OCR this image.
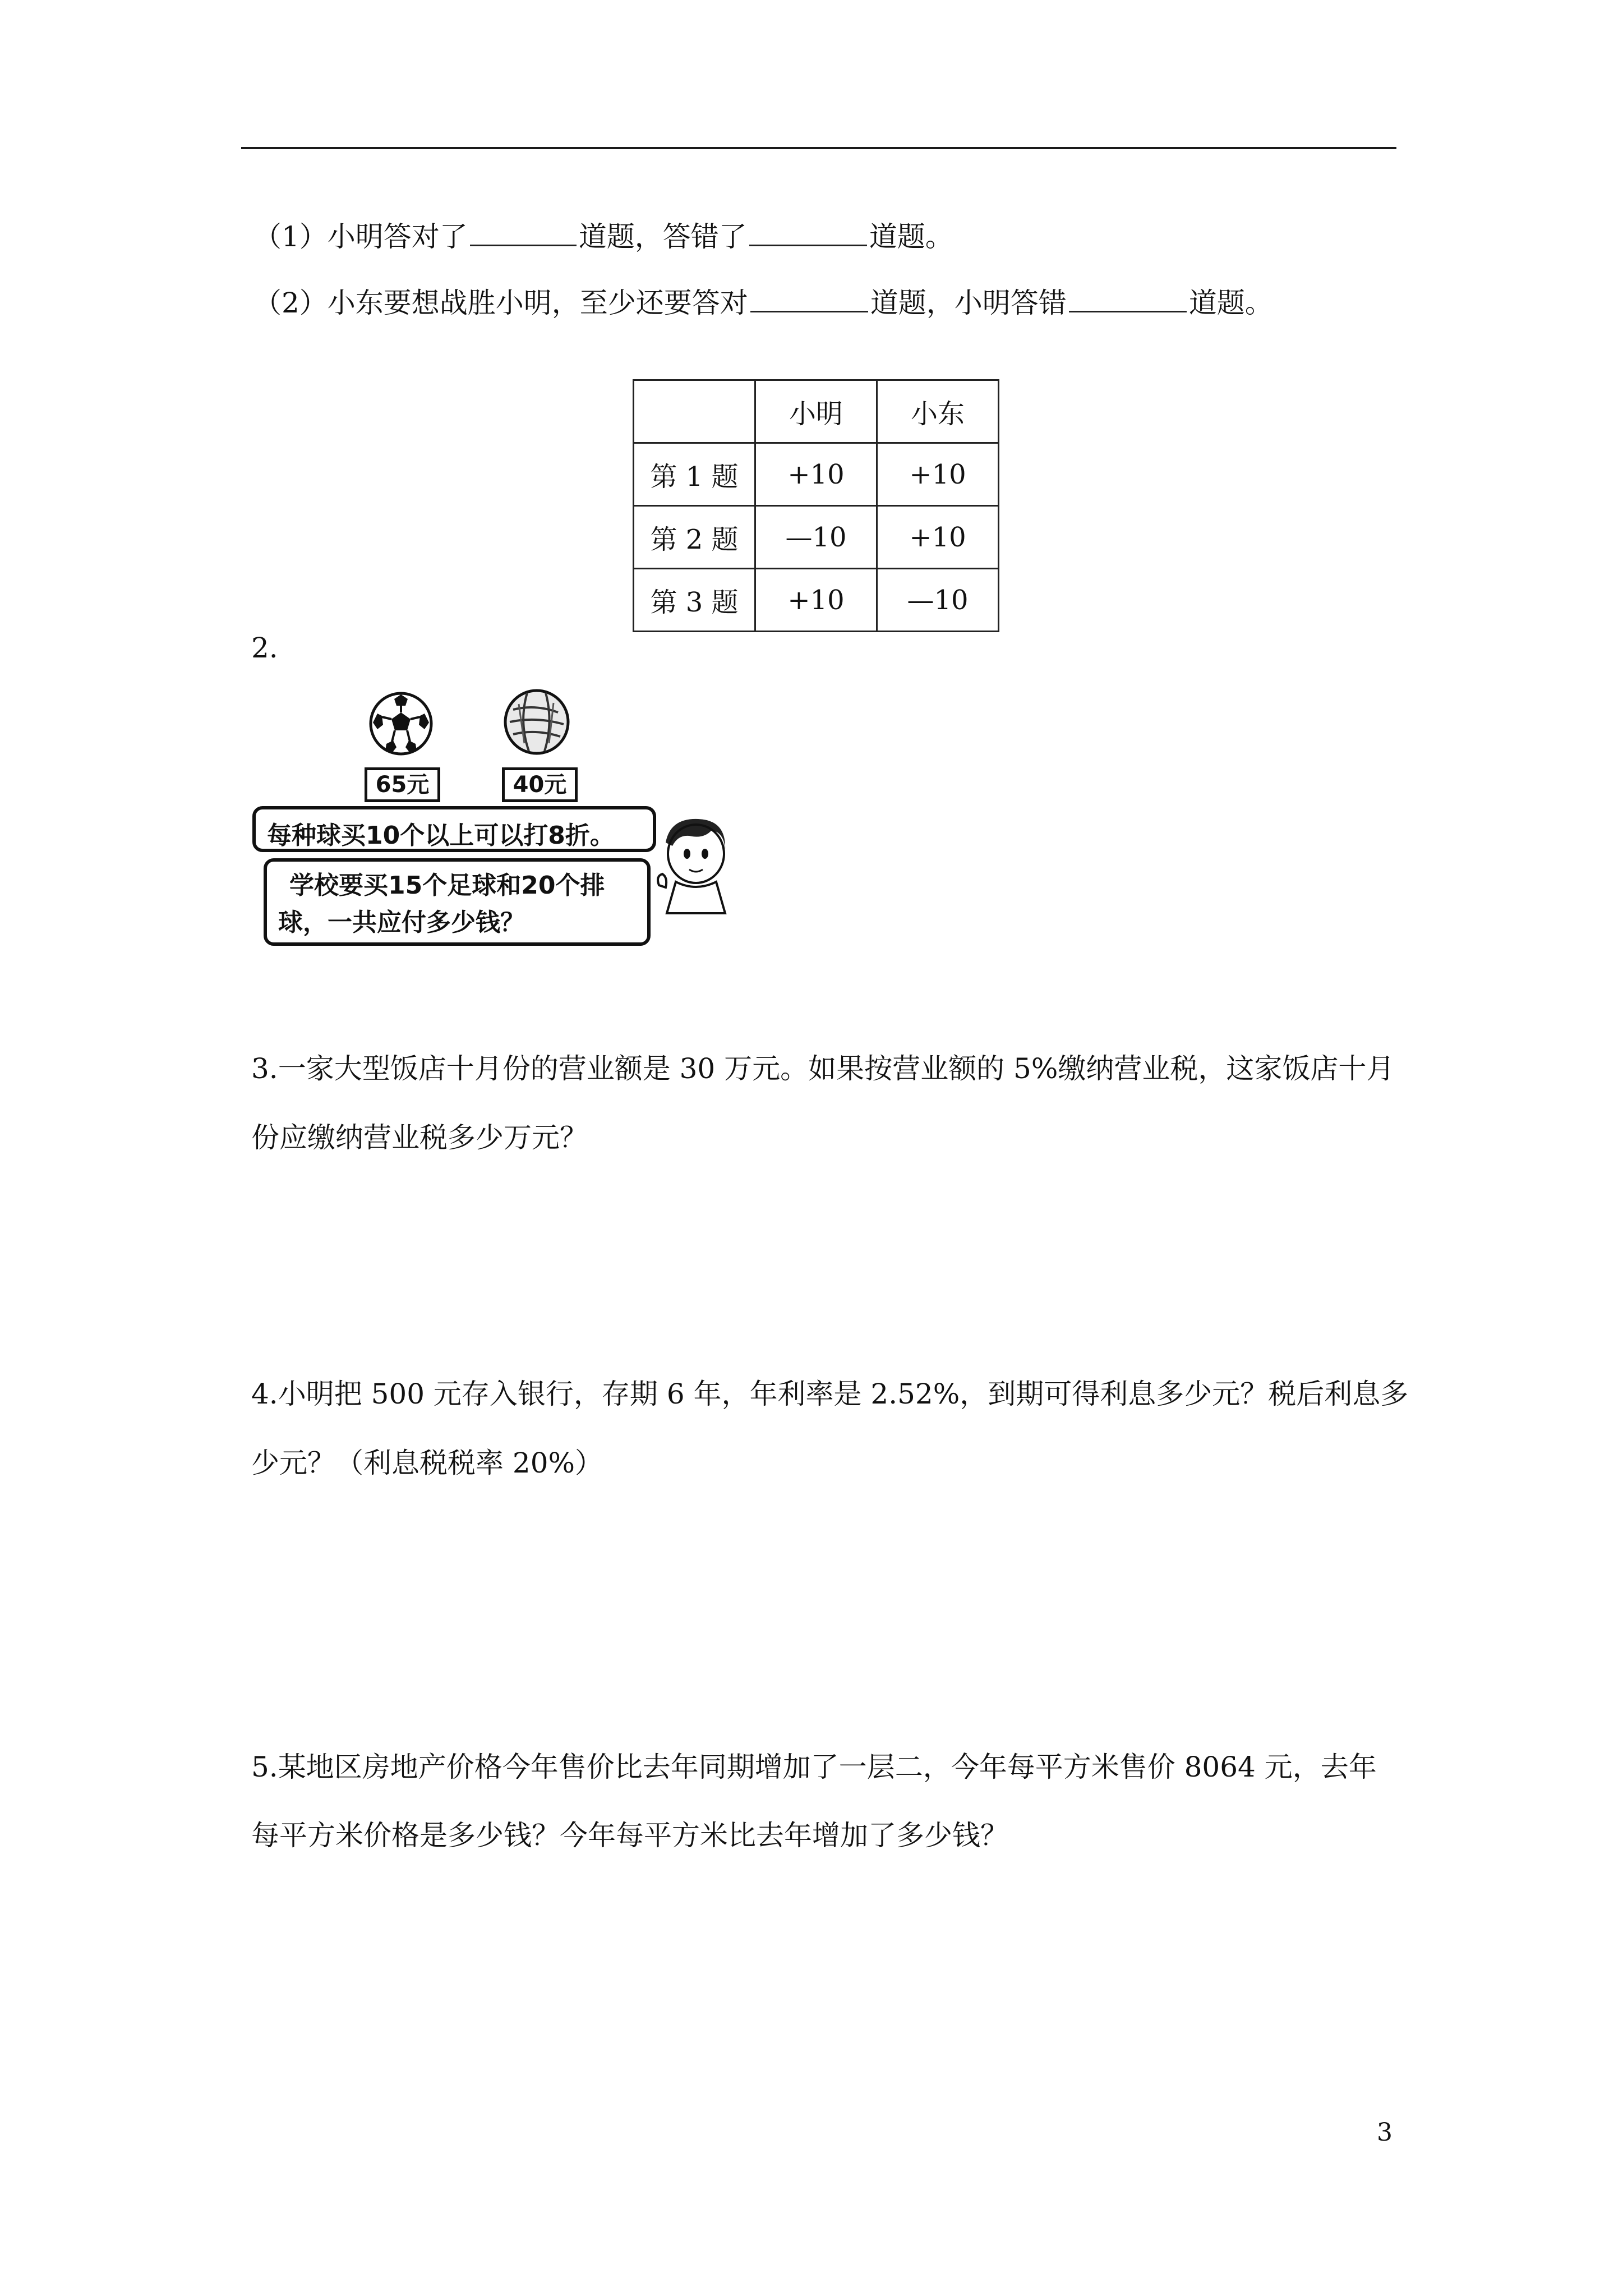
（1）小明答对了	道题，答错了	道题。
（2）小东要想战胜小明，至少还要答对	道题，小明答错	道题。
	小明	小东
第 1 题	+10	+10
第 2 题	—10	+10
第 3 题	+10	—10
2.
65元	40元
每种球买10个以上可以打8折。
学校要买15个足球和20个排
球，一共应付多少钱？
3.一家大型饭店十月份的营业额是 30 万元。如果按营业额的 5%缴纳营业税，这家饭店十月
份应缴纳营业税多少万元？
4.小明把 500 元存入银行，存期 6 年，年利率是 2.52%，到期可得利息多少元？税后利息多
少元？（利息税税率 20%）
5.某地区房地产价格今年售价比去年同期增加了一层二，今年每平方米售价 8064 元，去年
每平方米价格是多少钱？今年每平方米比去年增加了多少钱？
3
